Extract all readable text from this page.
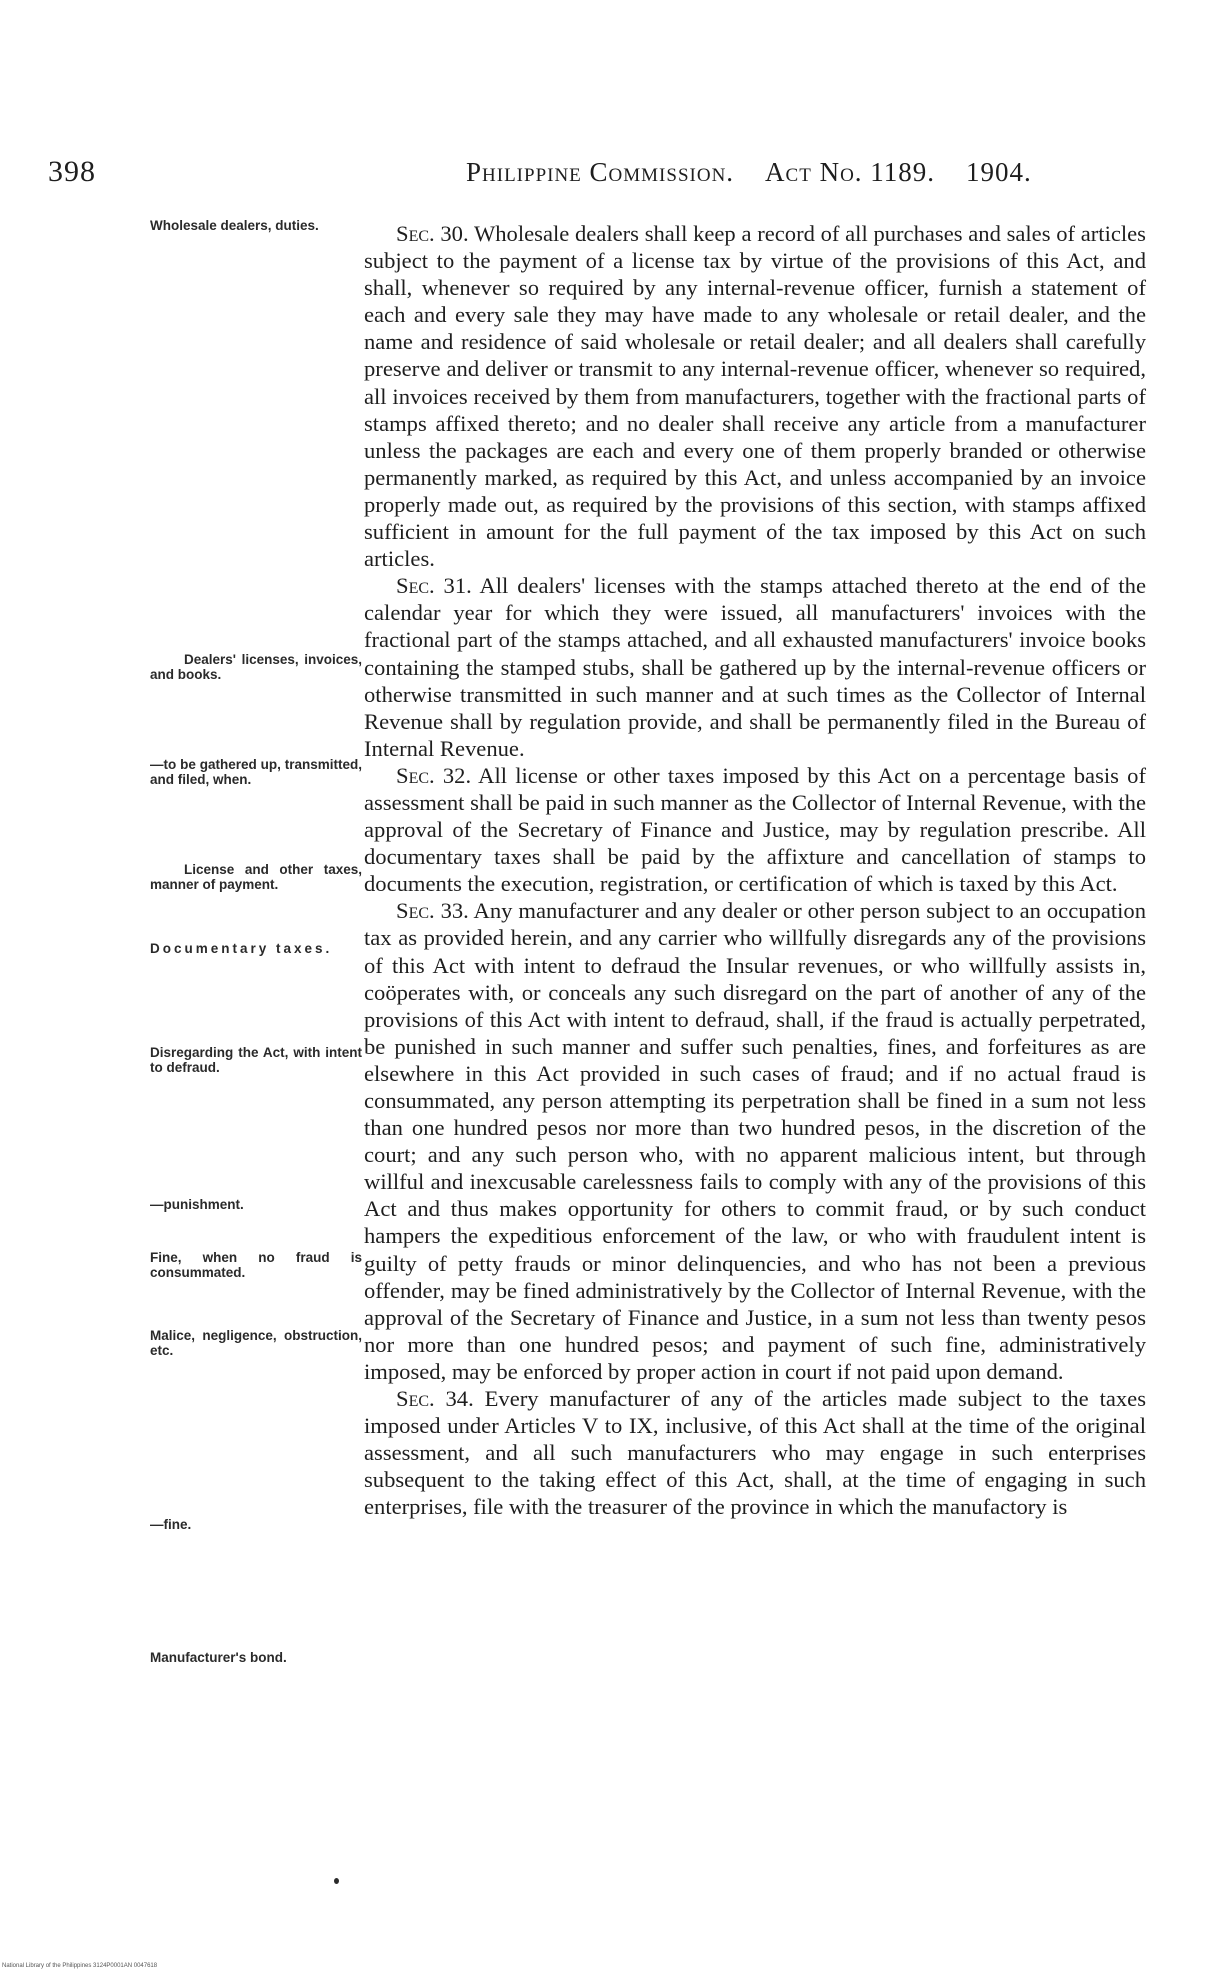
398	Philippine Commission. Act No. 1189. 1904.
Wholesale dealers, duties.
Dealers' licenses, invoices, and books.
—to be gathered up, transmitted, and filed, when.
License and other taxes, manner of payment.
Documentary taxes.
Disregarding the Act, with intent to defraud.
—punishment.
Fine, when no fraud is consummated.
Malice, negligence, obstruction, etc.
—fine.
Manufacturer's bond.

Sec. 30. Wholesale dealers shall keep a record of all purchases and sales of articles subject to the payment of a license tax by virtue of the provisions of this Act, and shall, whenever so required by any internal-revenue officer, furnish a statement of each and every sale they may have made to any wholesale or retail dealer, and the name and residence of said wholesale or retail dealer; and all dealers shall carefully preserve and deliver or transmit to any internal-revenue officer, whenever so required, all invoices received by them from manufacturers, together with the fractional parts of stamps affixed thereto; and no dealer shall receive any article from a manufacturer unless the packages are each and every one of them properly branded or otherwise permanently marked, as required by this Act, and unless accompanied by an invoice properly made out, as required by the provisions of this section, with stamps affixed sufficient in amount for the full payment of the tax imposed by this Act on such articles.

Sec. 31. All dealers' licenses with the stamps attached thereto at the end of the calendar year for which they were issued, all manufacturers' invoices with the fractional part of the stamps attached, and all exhausted manufacturers' invoice books containing the stamped stubs, shall be gathered up by the internal-revenue officers or otherwise transmitted in such manner and at such times as the Collector of Internal Revenue shall by regulation provide, and shall be permanently filed in the Bureau of Internal Revenue.

Sec. 32. All license or other taxes imposed by this Act on a percentage basis of assessment shall be paid in such manner as the Collector of Internal Revenue, with the approval of the Secretary of Finance and Justice, may by regulation prescribe. All documentary taxes shall be paid by the affixture and cancellation of stamps to documents the execution, registration, or certification of which is taxed by this Act.

Sec. 33. Any manufacturer and any dealer or other person subject to an occupation tax as provided herein, and any carrier who willfully disregards any of the provisions of this Act with intent to defraud the Insular revenues, or who willfully assists in, coöperates with, or conceals any such disregard on the part of another of any of the provisions of this Act with intent to defraud, shall, if the fraud is actually perpetrated, be punished in such manner and suffer such penalties, fines, and forfeitures as are elsewhere in this Act provided in such cases of fraud; and if no actual fraud is consummated, any person attempting its perpetration shall be fined in a sum not less than one hundred pesos nor more than two hundred pesos, in the discretion of the court; and any such person who, with no apparent malicious intent, but through willful and inexcusable carelessness fails to comply with any of the provisions of this Act and thus makes opportunity for others to commit fraud, or by such conduct hampers the expeditious enforcement of the law, or who with fraudulent intent is guilty of petty frauds or minor delinquencies, and who has not been a previous offender, may be fined administratively by the Collector of Internal Revenue, with the approval of the Secretary of Finance and Justice, in a sum not less than twenty pesos nor more than one hundred pesos; and payment of such fine, administratively imposed, may be enforced by proper action in court if not paid upon demand.

Sec. 34. Every manufacturer of any of the articles made subject to the taxes imposed under Articles V to IX, inclusive, of this Act shall at the time of the original assessment, and all such manufacturers who may engage in such enterprises subsequent to the taking effect of this Act, shall, at the time of engaging in such enterprises, file with the treasurer of the province in which the manufactory is

National Library of the Philippines 3124P0001AN 0047618
